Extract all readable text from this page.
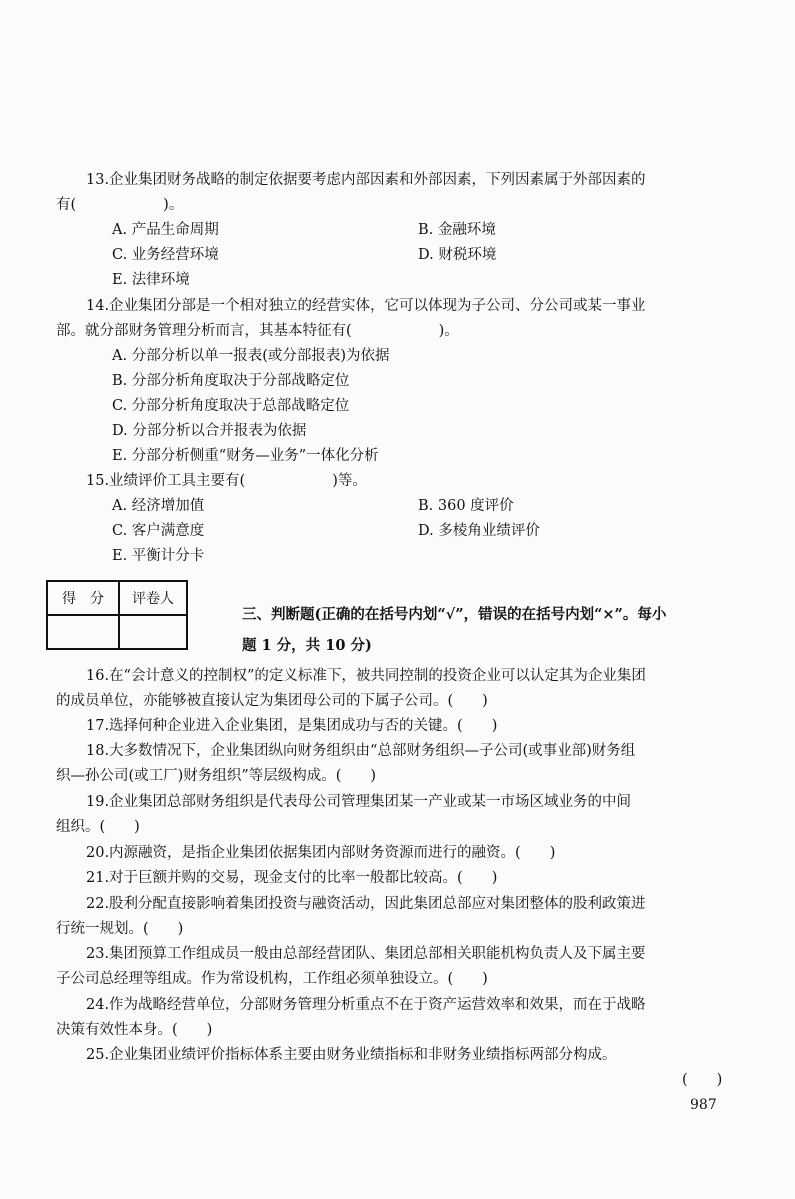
13.企业集团财务战略的制定依据要考虑内部因素和外部因素，下列因素属于外部因素的
有(　　　　　　)。
A. 产品生命周期	B. 金融环境
C. 业务经营环境	D. 财税环境
E. 法律环境
14.企业集团分部是一个相对独立的经营实体，它可以体现为子公司、分公司或某一事业
部。就分部财务管理分析而言，其基本特征有(　　　　　　)。
A. 分部分析以单一报表(或分部报表)为依据
B. 分部分析角度取决于分部战略定位
C. 分部分析角度取决于总部战略定位
D. 分部分析以合并报表为依据
E. 分部分析侧重“财务—业务”一体化分析
15.业绩评价工具主要有(　　　　　　)等。
A. 经济增加值	B. 360 度评价
C. 客户满意度	D. 多棱角业绩评价
E. 平衡计分卡
得　分	评卷人

三、判断题(正确的在括号内划“√”，错误的在括号内划“×”。每小
题 1 分，共 10 分)
16.在“会计意义的控制权”的定义标准下，被共同控制的投资企业可以认定其为企业集团
的成员单位，亦能够被直接认定为集团母公司的下属子公司。(　　)
17.选择何种企业进入企业集团，是集团成功与否的关键。(　　)
18.大多数情况下，企业集团纵向财务组织由“总部财务组织—子公司(或事业部)财务组
织—孙公司(或工厂)财务组织”等层级构成。(　　)
19.企业集团总部财务组织是代表母公司管理集团某一产业或某一市场区域业务的中间
组织。(　　)
20.内源融资，是指企业集团依据集团内部财务资源而进行的融资。(　　)
21.对于巨额并购的交易，现金支付的比率一般都比较高。(　　)
22.股利分配直接影响着集团投资与融资活动，因此集团总部应对集团整体的股利政策进
行统一规划。(　　)
23.集团预算工作组成员一般由总部经营团队、集团总部相关职能机构负责人及下属主要
子公司总经理等组成。作为常设机构，工作组必须单独设立。(　　)
24.作为战略经营单位，分部财务管理分析重点不在于资产运营效率和效果，而在于战略
决策有效性本身。(　　)
25.企业集团业绩评价指标体系主要由财务业绩指标和非财务业绩指标两部分构成。
(　　)
987
